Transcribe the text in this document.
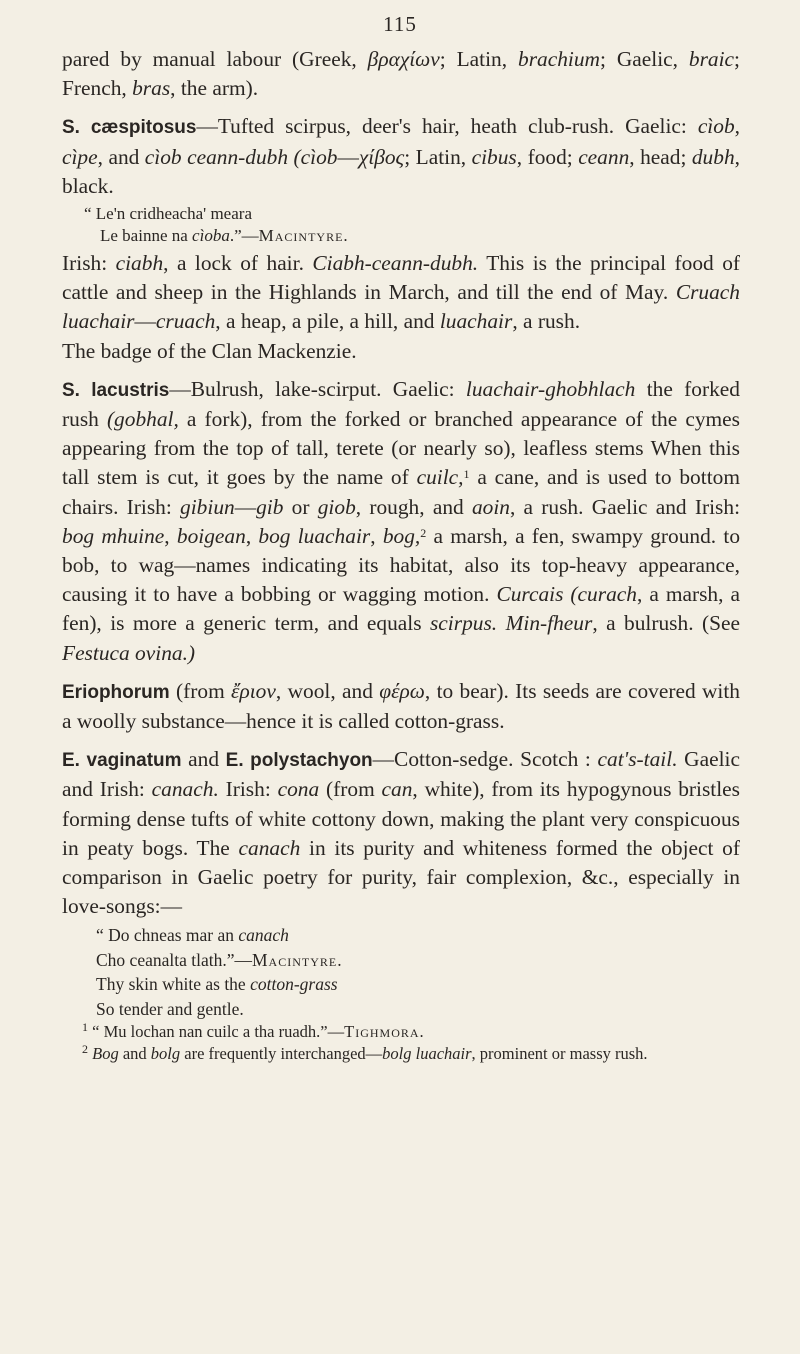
115

pared by manual labour (Greek, βραχίων; Latin, brachium; Gaelic, braic; French, bras, the arm).

S. cæspitosus—Tufted scirpus, deer's hair, heath club-rush. Gaelic: cìob, cìpe, and cìob ceann-dubh (cìob—χίβος; Latin, cibus, food; ceann, head; dubh, black.

“ Le'n cridheacha' meara
Le bainne na cìoba.”—Macintyre.

Irish: ciabh, a lock of hair. Ciabh-ceann-dubh. This is the principal food of cattle and sheep in the Highlands in March, and till the end of May. Cruach luachair—cruach, a heap, a pile, a hill, and luachair, a rush.

The badge of the Clan Mackenzie.

S. lacustris—Bulrush, lake-scirput. Gaelic: luachair-ghobhlach the forked rush (gobhal, a fork), from the forked or branched appearance of the cymes appearing from the top of tall, terete (or nearly so), leafless stems When this tall stem is cut, it goes by the name of cuilc,$^1$ a cane, and is used to bottom chairs. Irish: gibiun—gib or giob, rough, and aoin, a rush. Gaelic and Irish: bog mhuine, boigean, bog luachair, bog,$^2$ a marsh, a fen, swampy ground. to bob, to wag—names indicating its habitat, also its top-heavy appearance, causing it to have a bobbing or wagging motion. Curcais (curach, a marsh, a fen), is more a generic term, and equals scirpus. Min-fheur, a bulrush. (See Festuca ovina.)

Eriophorum (from ἔριον, wool, and φέρω, to bear). Its seeds are covered with a woolly substance—hence it is called cotton-grass.

E. vaginatum and E. polystachyon—Cotton-sedge. Scotch : cat's-tail. Gaelic and Irish: canach. Irish: cona (from can, white), from its hypogynous bristles forming dense tufts of white cottony down, making the plant very conspicuous in peaty bogs. The canach in its purity and whiteness formed the object of comparison in Gaelic poetry for purity, fair complexion, &c., especially in love-songs:—

“ Do chneas mar an canach
Cho ceanalta tlath.”—Macintyre.
Thy skin white as the cotton-grass
So tender and gentle.
$^1$ “ Mu lochan nan cuilc a tha ruadh.”—Tighmora.
$^2$ Bog and bolg are frequently interchanged—bolg luachair, prominent or massy rush.
